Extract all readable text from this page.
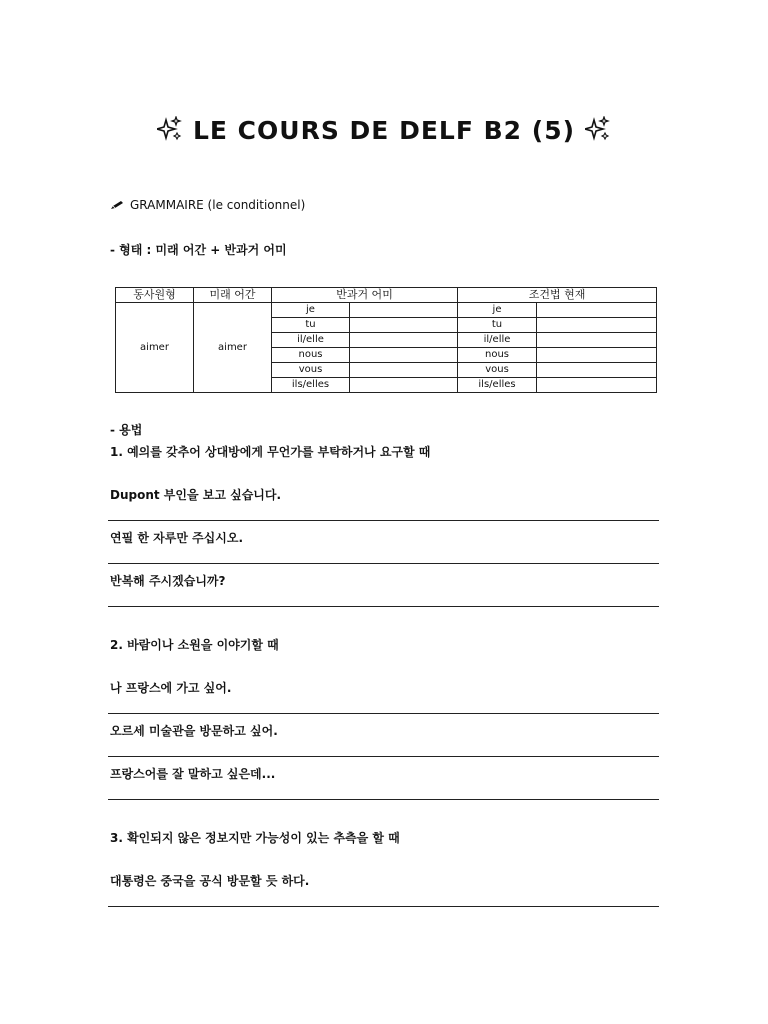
LE COURS DE DELF B2 (5)
GRAMMAIRE (le conditionnel)
- 형태 : 미래 어간 + 반과거 어미
동사원형	미래 어간	반과거 어미		조건법 현재	
aimer	aimer	je		je	
		tu		tu	
		il/elle		il/elle	
		nous		nous	
		vous		vous	
		ils/elles		ils/elles	
- 용법
1. 예의를 갖추어 상대방에게 무언가를 부탁하거나 요구할 때
Dupont 부인을 보고 싶습니다.
연필 한 자루만 주십시오.
반복해 주시겠습니까?
2. 바람이나 소원을 이야기할 때
나 프랑스에 가고 싶어.
오르세 미술관을 방문하고 싶어.
프랑스어를 잘 말하고 싶은데...
3. 확인되지 않은 정보지만 가능성이 있는 추측을 할 때
대통령은 중국을 공식 방문할 듯 하다.
